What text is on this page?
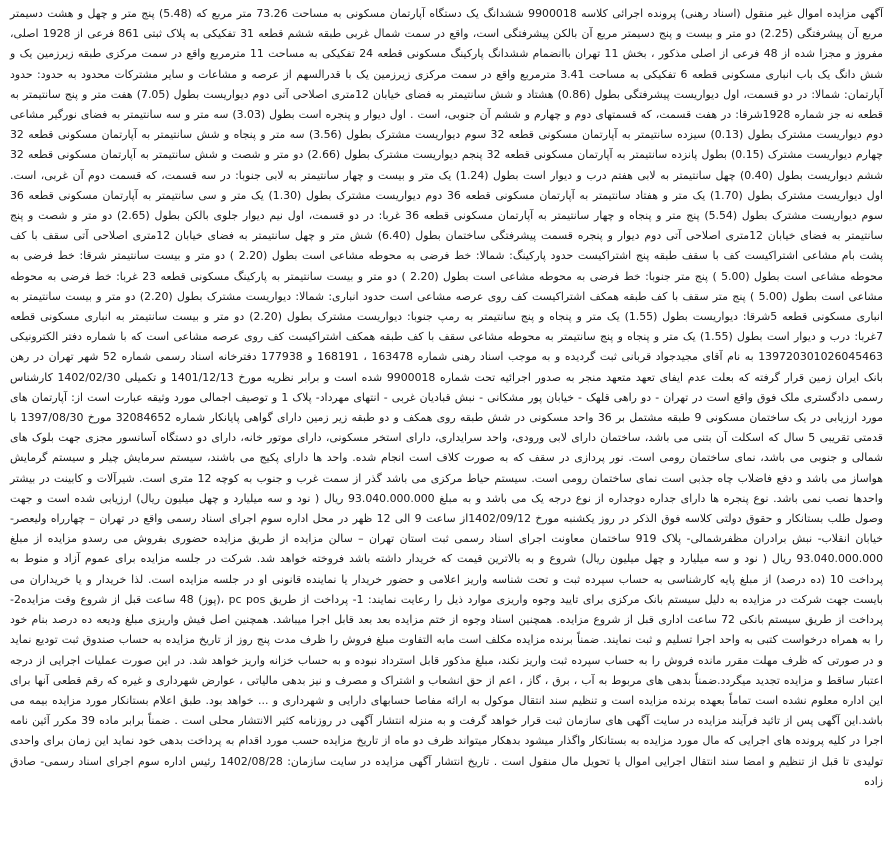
آگهی مزایده اموال غیر منقول (اسناد رهنی) پرونده اجرائی کلاسه 9900018 ششدانگ یک دستگاه آپارتمان مسکونی به مساحت 73.26 متر مربع که (5.48) پنج متر و چهل و هشت دسیمتر مربع آن پیشرفتگی (2.25) دو متر و بیست و پنج دسیمتر مربع آن بالکن پیشرفتگی است، واقع در سمت شمال غربی طبقه ششم قطعه 31 تفکیکی به پلاک ثبتی 861 فرعی از 1928 اصلی، مفروز و مجزا شده از 48 فرعی از اصلی مذکور ، بخش 11 تهران باانضمام ششدانگ پارکینگ مسکونی قطعه 24 تفکیکی به مساحت 11 مترمربع واقع در سمت مرکزی طبقه زیرزمین یک و شش دانگ یک باب انباری مسکونی قطعه 6 تفکیکی به مساحت 3.41 مترمربع واقع در سمت مرکزی زیرزمین یک با قدرالسهم از عرصه و مشاعات و سایر مشترکات محدود به حدود: حدود آپارتمان: شمالا: در دو قسمت، اول دیواریست پیشرفتگی بطول (0.86) هشتاد و شش سانتیمتر به فضای خیابان 12متری اصلاحی آتی دوم دیواریست بطول (7.05) هفت متر و پنج سانتیمتر به قطعه نه جز شماره 1928شرقا: در هفت قسمت، که قسمتهای دوم و چهارم و ششم آن جنوبی، است . اول دیوار و پنجره است بطول (3.03) سه متر و سه سانتیمتر به فضا‌ی نورگیر مشاعی دوم دیواریست مشترک بطول (0.13) سیزده سانتیمتر به آپارتمان مسکونی قطعه 32 سوم دیواریست مشترک بطول (3.56) سه متر و پنجاه و شش سانتیمتر به آپارتمان مسکونی قطعه 32 چهارم دیواریست مشترک (0.15) بطول پانزده سانتیمتر به آپارتمان مسکونی قطعه 32 پنجم دیواریست مشترک بطول (2.66) دو متر و شصت و شش سانتیمتر به آپارتمان مسکونی قطعه 32 ششم دیواریست بطول (0.40) چهل سانتیمتر به لابی هفتم درب و دیوار است بطول (1.24) یک متر و بیست و چهار سانتیمتر به لابی جنوبا: در سه قسمت، که قسمت دوم آن غربی، است. اول دیواریست مشترک بطول (1.70) یک متر و هفتاد سانتیمتر به آپارتمان مسکونی قطعه 36 دوم دیواریست مشترک بطول (1.30) یک متر و سی سانتیمتر به آپارتمان مسکونی قطعه 36 سوم دیواریست مشترک بطول (5.54) پنج متر و پنجاه و چهار سانتیمتر به آپارتمان مسکونی قطعه 36 غربا: در دو قسمت، اول نیم دیوار جلوی بالکن بطول (2.65) دو متر و شصت و پنج سانتیمتر به فضای خیابان 12متری اصلاحی آتی دوم دیوار و پنجره قسمت پیشرفتگی ساختمان بطول (6.40) شش متر و چهل سانتیمتر به فضای خیابان 12متری اصلاحی آتی سقف با کف پشت بام مشاعی اشتراکیست کف با سقف طبقه پنج اشتراکیست حدود پارکینگ: شمالا: خط فرضی به محوطه مشاعی است بطول (2.20 ) دو متر و بیست سانتیمتر شرقا: خط فرضی به محوطه مشاعی است بطول (5.00 ) پنج متر جنوبا: خط فرضی به محوطه مشاعی است بطول (2.20 ) دو متر و بیست سانتیمتر به پارکینگ مسکونی قطعه 23 غربا: خط فرضی به محوطه مشاعی است بطول (5.00 ) پنج متر سقف با کف طبقه همکف اشتراکیست کف روی عرصه مشاعی است حدود انباری: شمالا: دیواریست مشترک بطول (2.20) دو متر و بیست سانتیمتر به انباری مسکونی قطعه 5شرقا: دیواریست بطول (1.55) یک متر و پنجاه و پنج سانتیمتر به رمپ جنوبا: دیواریست مشترک بطول (2.20) دو متر و بیست سانتیمتر به انباری مسکونی قطعه 7غربا: درب و دیوار است بطول (1.55) یک متر و پنجاه و پنج سانتیمتر به محوطه مشاعی سقف با کف طبقه همکف اشتراکیست کف روی عرصه مشاعی است که با شماره دفتر الکترونیکی 139720301026045463 به نام آقای مجیدجواد قربانی ثبت گردیده و به موجب اسناد رهنی شماره 163478 ، 168191 و 177938 دفترخانه اسناد رسمی شماره 52 شهر تهران در رهن بانک ایران زمین قرار گرفته که بعلت عدم ایفای تعهد متعهد منجر به صدور اجرائیه تحت شماره 9900018 شده است و برابر نظریه مورخ 1401/12/13 و تکمیلی 1402/02/30 کارشناس رسمی دادگستری ملک فوق واقع است در تهران - دو راهی قلهک - خیابان پور مشکانی - نبش قبادیان غربی - انتهای مهرداد- پلاک 1 و توصیف اجمالی مورد وثیقه عبارت است از: آپارتمان های مورد ارزیابی در یک ساختمان مسکونی 9 طبقه مشتمل بر 36 واحد مسکونی در شش طبقه روی همکف و دو طبقه زیر زمین دارای گواهی پایانکار شماره 32084652 مورخ 1397/08/30 با قدمتی تقریبی 5 سال که اسکلت آن بتنی می باشد، ساختمان دارای لابی ورودی، واحد سرایداری، دارای استخر مسکونی، دارای موتور خانه، دارای دو دستگاه آسانسور مجزی جهت بلوک های شمالی و جنوبی می باشد، نمای ساختمان رومی است. نور پردازی در سقف که به صورت کلاف است انجام شده. واحد ها دارای پکیج می باشند، سیستم سرمایش چیلر و سیستم گرمایش هواساز می باشد و دفع فاضلاب چاه جذبی است نمای ساختمان رومی است. سیستم حیاط مرکزی می باشد گذر از سمت غرب و جنوب به کوچه 12 متری است. شیرآلات و کابینت در بیشتر واحدها نصب نمی باشد. نوع پنجره ها دارای جداره دوجداره از نوع درجه یک می باشد و به مبلغ 93.040.000.000 ریال ( نود و سه میلیارد و چهل میلیون ریال) ارزیابی شده است و جهت وصول طلب بستانکار و حقوق دولتی کلاسه فوق الذکر در روز یکشنبه مورخ 1402/09/12از ساعت 9 الی 12 ظهر در محل اداره سوم اجرای اسناد رسمی واقع در تهران – چهارراه ولیعصر- خیابان انقلاب- نبش برادران مظفرشمالی- پلاک 919 ساختمان معاونت اجرای اسناد رسمی ثبت استان تهران – سالن مزایده از طریق مزایده حضوری بفروش می رسدو مزایده از مبلغ 93.040.000.000 ریال ( نود و سه میلیارد و چهل میلیون ریال) شروع و به بالاترین قیمت که خریدار داشته باشد فروخته خواهد شد. شرکت در جلسه مزایده برای عموم آزاد و منوط به پرداخت 10 (ده درصد) از مبلغ پایه کارشناسی به حساب سپرده ثبت و تحت شناسه واریز اعلامی و حضور خریدار یا نماینده قانونی او در جلسه مزایده است. لذا خریدار و یا خریداران می بایست جهت شرکت در مزایده به دلیل سیستم بانک مرکزی برای تایید وجوه واریزی موارد ذیل را رعایت نمایند: 1- پرداخت از طریق pc pos ،(پوز) 48 ساعت قبل از شروع وقت مزایده2- پرداخت از طریق سیستم بانکی 72 ساعت اداری قبل از شروع مزایده. همچنین اسناد وجوه از ختم مزایده بعد بعد قابل اجرا میباشد. همچنین اصل فیش واریزی مبلغ ودیعه ده درصد بنام خود را به همراه درخواست کتبی به واحد اجرا تسلیم و ثبت نمایند. ضمناً برنده مزایده مکلف است مابه التفاوت مبلغ فروش را ظرف مدت پنج روز از تاریخ مزایده به حساب صندوق ثبت تودیع نماید و در صورتی که ظرف مهلت مقرر مانده فروش را به حساب سپرده ثبت واریز نکند، مبلغ مذکور قابل استرداد نبوده و به حساب خزانه واریز خواهد شد. در این صورت عملیات اجرایی از درجه اعتبار ساقط و مزایده تجدید میگردد.ضمناً بدهی های مربوط به آب ، برق ، گاز ، اعم از حق انشعاب و اشتراک و مصرف و نیز بدهی مالیاتی ، عوارض شهرداری و غیره که رقم قطعی آنها برای این اداره معلوم نشده است تماماً بعهده برنده مزایده است و تنظیم سند انتقال موکول به ارائه مفاصا حسابهای دارایی و شهرداری و ... خواهد بود. طبق اعلام بستانکار مورد مزایده بیمه می باشد.این آگهی پس از تائید فرآیند مزایده در سایت آگهی های سازمان ثبت قرار خواهد گرفت و به منزله انتشار آگهی در روزنامه کثیر الانتشار محلی است . ضمناً برابر ماده 39 مکرر آئین نامه اجرا در کلیه پرونده های اجرایی که مال مورد مزایده به بستانکار واگذار میشود بدهکار میتواند ظرف دو ماه از تاریخ مزایده حسب مورد اقدام به پرداخت بدهی خود نماید این زمان برای واحدی تولیدی تا قبل از تنظیم و امضا سند انتقال اجرایی اموال یا تحویل مال منقول است . تاریخ انتشار آگهی مزایده در سایت سازمان: 1402/08/28 رئیس اداره سوم اجرای اسناد رسمی- صادق زاده
